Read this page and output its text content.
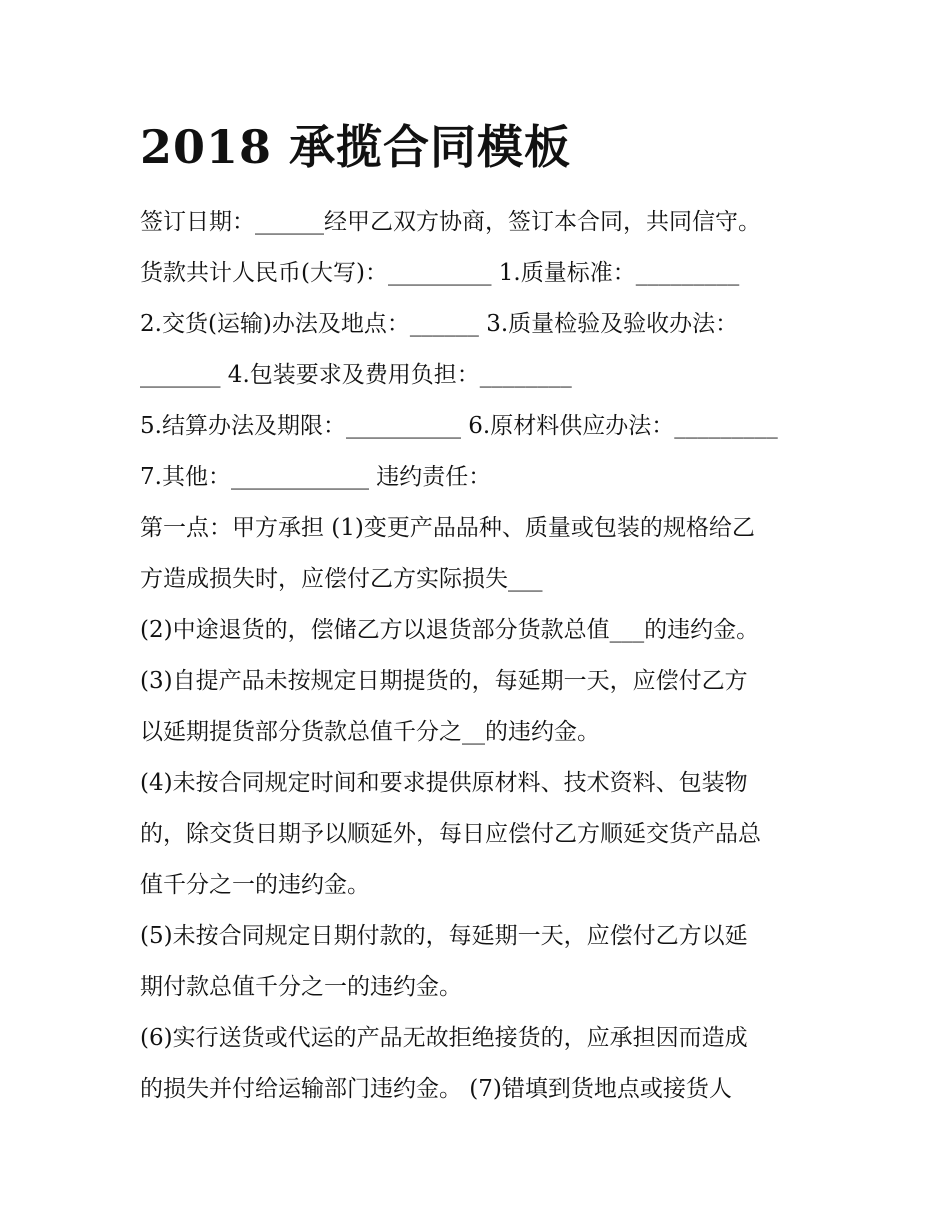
2018 承揽合同模板

签订日期：______经甲乙双方协商，签订本合同，共同信守。

货款共计人民币(大写)：_________ 1.质量标准：_________

2.交货(运输)办法及地点：______ 3.质量检验及验收办法：

_______ 4.包装要求及费用负担：________

5.结算办法及期限：__________ 6.原材料供应办法：_________

7.其他：____________ 违约责任：

第一点：甲方承担 (1)变更产品品种、质量或包装的规格给乙

方造成损失时，应偿付乙方实际损失___

(2)中途退货的，偿储乙方以退货部分货款总值___的违约金。

(3)自提产品未按规定日期提货的，每延期一天，应偿付乙方

以延期提货部分货款总值千分之__的违约金。

(4)未按合同规定时间和要求提供原材料、技术资料、包装物

的，除交货日期予以顺延外，每日应偿付乙方顺延交货产品总

值千分之一的违约金。

(5)未按合同规定日期付款的，每延期一天，应偿付乙方以延

期付款总值千分之一的违约金。

(6)实行送货或代运的产品无故拒绝接货的，应承担因而造成

的损失并付给运输部门违约金。 (7)错填到货地点或接货人
